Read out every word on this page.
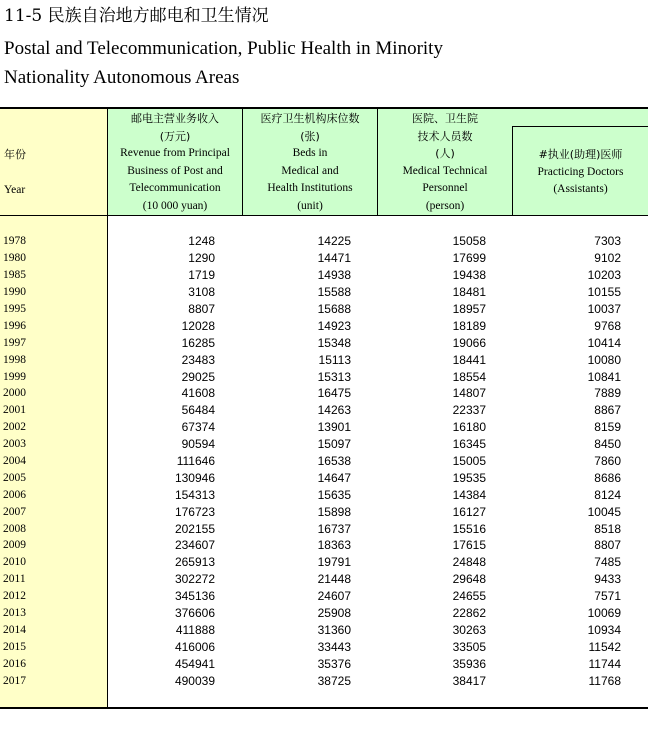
11-5 民族自治地方邮电和卫生情况
Postal and Telecommunication, Public Health in Minority
Nationality Autonomous Areas
年份
Year
邮电主营业务收入
(万元)
Revenue from Principal
Business of Post and
Telecommunication
(10 000 yuan)
医疗卫生机构床位数
(张)
Beds in
Medical and
Health Institutions
(unit)
医院、卫生院
技术人员数
(人)
Medical Technical
Personnel
(person)
#执业(助理)医师
Practicing Doctors
(Assistants)
1978	1248	14225	15058	7303
1980	1290	14471	17699	9102
1985	1719	14938	19438	10203
1990	3108	15588	18481	10155
1995	8807	15688	18957	10037
1996	12028	14923	18189	9768
1997	16285	15348	19066	10414
1998	23483	15113	18441	10080
1999	29025	15313	18554	10841
2000	41608	16475	14807	7889
2001	56484	14263	22337	8867
2002	67374	13901	16180	8159
2003	90594	15097	16345	8450
2004	111646	16538	15005	7860
2005	130946	14647	19535	8686
2006	154313	15635	14384	8124
2007	176723	15898	16127	10045
2008	202155	16737	15516	8518
2009	234607	18363	17615	8807
2010	265913	19791	24848	7485
2011	302272	21448	29648	9433
2012	345136	24607	24655	7571
2013	376606	25908	22862	10069
2014	411888	31360	30263	10934
2015	416006	33443	33505	11542
2016	454941	35376	35936	11744
2017	490039	38725	38417	11768
